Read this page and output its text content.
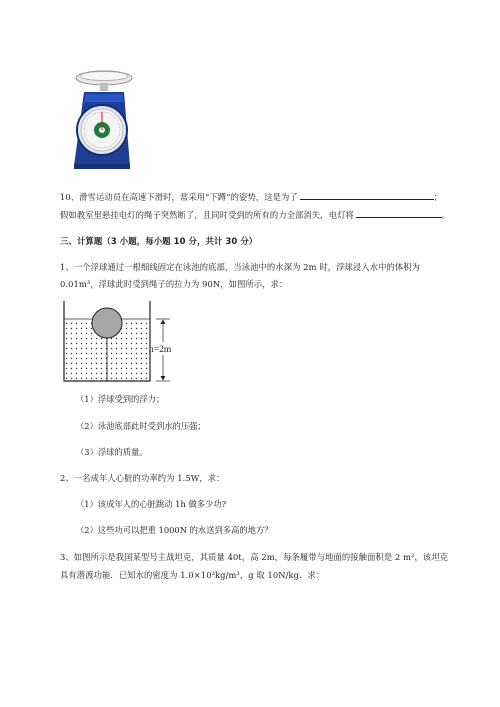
10、滑雪运动员在高速下滑时，常采用“下蹲”的姿势，这是为了	；
假如教室里悬挂电灯的绳子突然断了，且同时受到的所有的力全部消失，电灯将	。
三、计算题（3 小题，每小题 10 分，共计 30 分）
1、一个浮球通过一根细线固定在泳池的底部，当泳池中的水深为 2m 时，浮球浸入水中的体积为
0.01m³，浮球此时受到绳子的拉力为 90N，如图所示，求：
h=2m
（1）浮球受到的浮力；
（2）泳池底部此时受到水的压强；
（3）浮球的质量。
2、一名成年人心脏的功率约为 1.5W，求：
（1）该成年人的心脏跳动 1h 做多少功?
（2）这些功可以把重 1000N 的水送到多高的地方？
3、如图所示是我国某型号主战坦克，其质量 40t，高 2m，每条履带与地面的接触面积是 2 m²，该坦克
具有潜渡功能．已知水的密度为 1.0×10³kg/m³，g 取 10N/kg．求：
